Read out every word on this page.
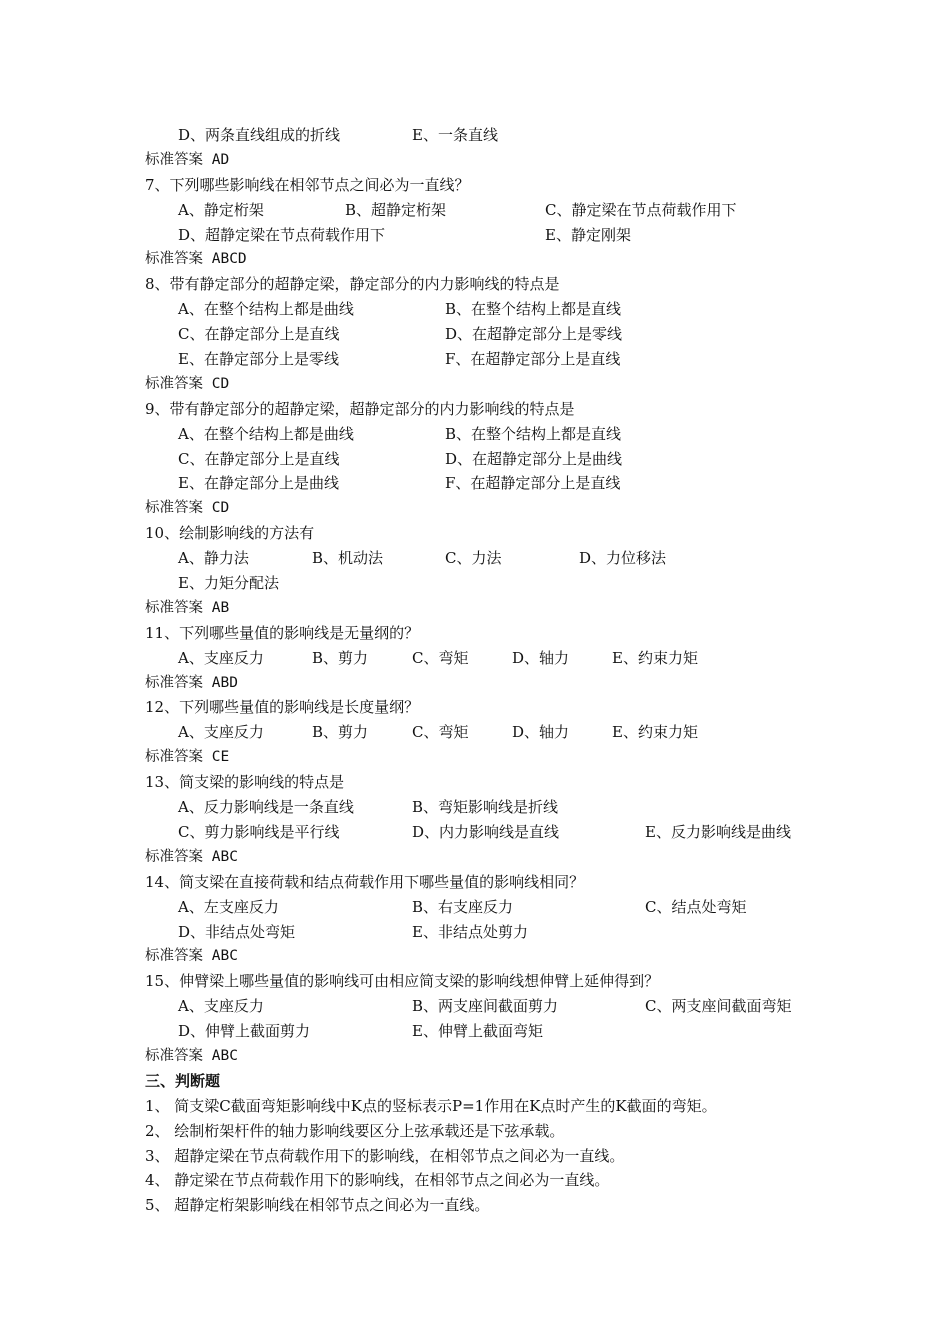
D、两条直线组成的折线	E、一条直线
标准答案 AD
7、下列哪些影响线在相邻节点之间必为一直线？
A、静定桁架	B、超静定桁架	C、静定梁在节点荷载作用下
D、超静定梁在节点荷载作用下	E、静定刚架
标准答案 ABCD
8、带有静定部分的超静定梁，静定部分的内力影响线的特点是
A、在整个结构上都是曲线	B、在整个结构上都是直线
C、在静定部分上是直线	D、在超静定部分上是零线
E、在静定部分上是零线	F、在超静定部分上是直线
标准答案 CD
9、带有静定部分的超静定梁，超静定部分的内力影响线的特点是
A、在整个结构上都是曲线	B、在整个结构上都是直线
C、在静定部分上是直线	D、在超静定部分上是曲线
E、在静定部分上是曲线	F、在超静定部分上是直线
标准答案 CD
10、绘制影响线的方法有
A、静力法	B、机动法	C、力法	D、力位移法
E、力矩分配法
标准答案 AB
11、下列哪些量值的影响线是无量纲的？
A、支座反力	B、剪力	C、弯矩	D、轴力	E、约束力矩
标准答案 ABD
12、下列哪些量值的影响线是长度量纲？
A、支座反力	B、剪力	C、弯矩	D、轴力	E、约束力矩
标准答案 CE
13、简支梁的影响线的特点是
A、反力影响线是一条直线	B、弯矩影响线是折线
C、剪力影响线是平行线	D、内力影响线是直线	E、反力影响线是曲线
标准答案 ABC
14、简支梁在直接荷载和结点荷载作用下哪些量值的影响线相同？
A、左支座反力	B、右支座反力	C、结点处弯矩
D、非结点处弯矩	E、非结点处剪力
标准答案 ABC
15、伸臂梁上哪些量值的影响线可由相应简支梁的影响线想伸臂上延伸得到？
A、支座反力	B、两支座间截面剪力	C、两支座间截面弯矩
D、伸臂上截面剪力	E、伸臂上截面弯矩
标准答案 ABC
三、判断题
1、 简支梁C截面弯矩影响线中K点的竖标表示P=1作用在K点时产生的K截面的弯矩。
2、 绘制桁架杆件的轴力影响线要区分上弦承载还是下弦承载。
3、 超静定梁在节点荷载作用下的影响线，在相邻节点之间必为一直线。
4、 静定梁在节点荷载作用下的影响线，在相邻节点之间必为一直线。
5、 超静定桁架影响线在相邻节点之间必为一直线。
